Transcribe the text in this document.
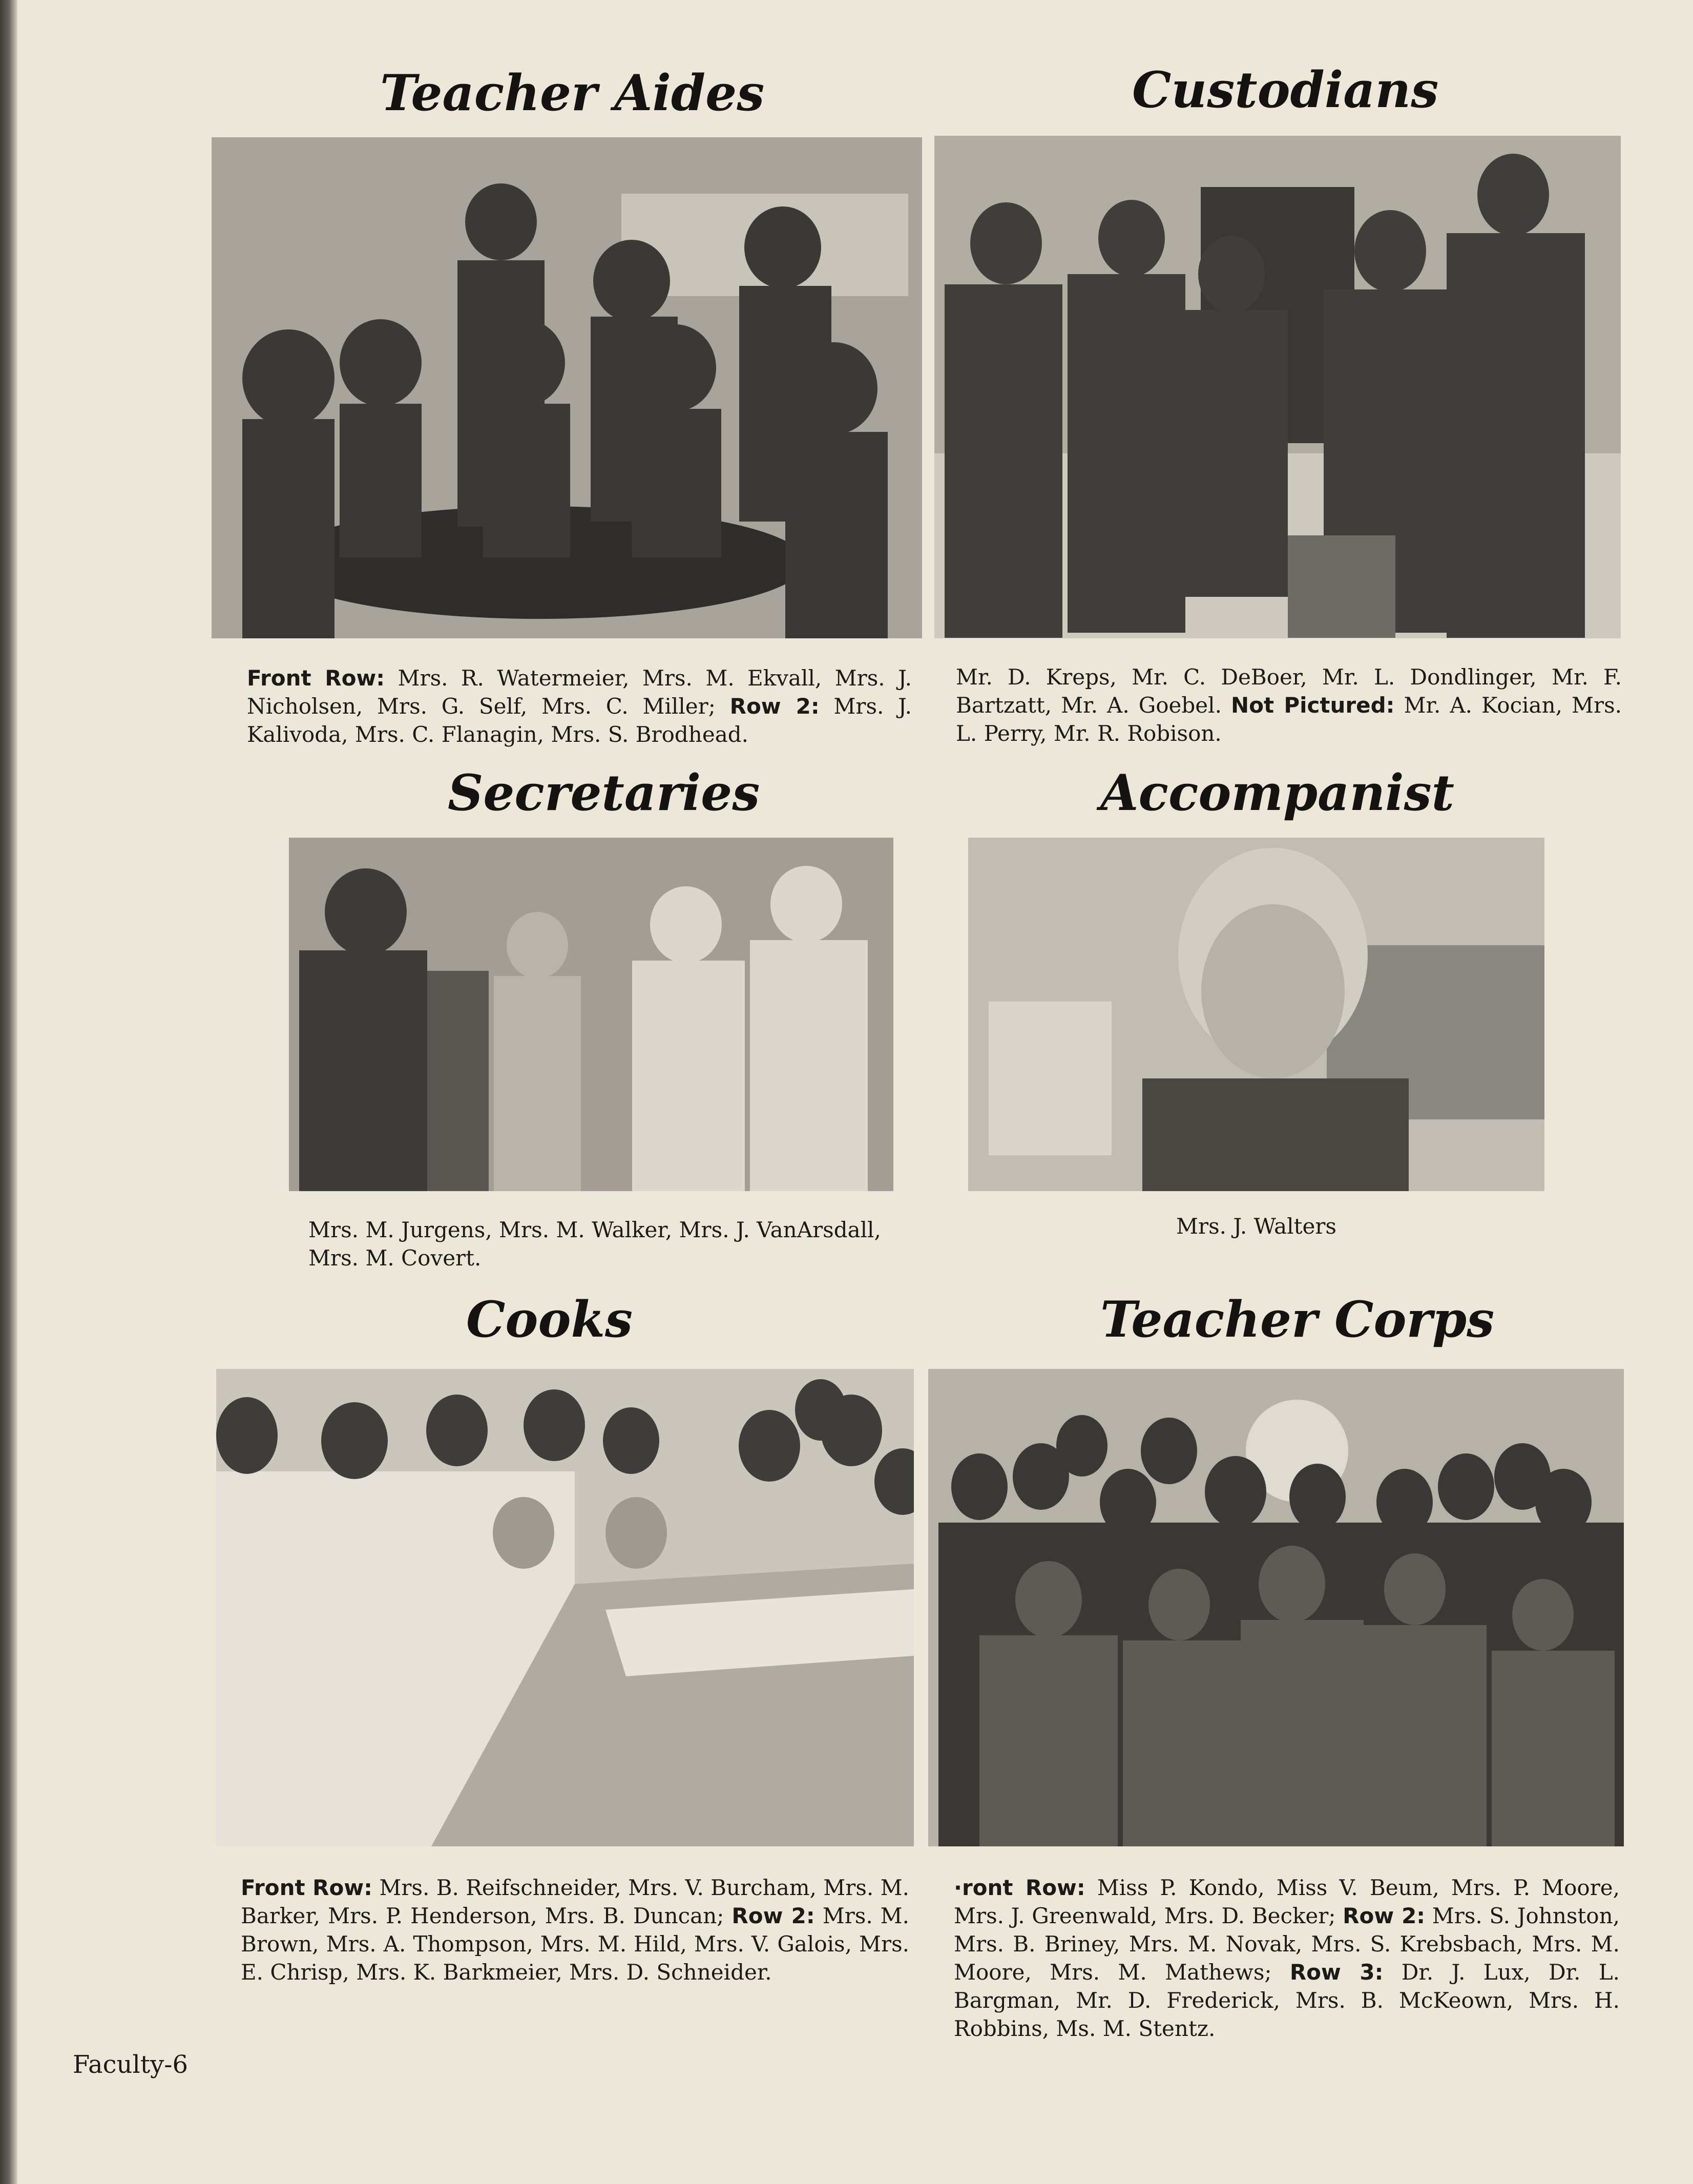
Teacher Aides

Front Row: Mrs. R. Watermeier, Mrs. M. Ekvall, Mrs. J. Nicholsen, Mrs. G. Self, Mrs. C. Miller; Row 2: Mrs. J. Kalivoda, Mrs. C. Flanagin, Mrs. S. Brodhead.

Custodians

Mr. D. Kreps, Mr. C. DeBoer, Mr. L. Dondlinger, Mr. F. Bartzatt, Mr. A. Goebel. Not Pictured: Mr. A. Kocian, Mrs. L. Perry, Mr. R. Robison.

Secretaries

Mrs. M. Jurgens, Mrs. M. Walker, Mrs. J. VanArsdall, Mrs. M. Covert.

Accompanist

Mrs. J. Walters

Cooks

Front Row: Mrs. B. Reifschneider, Mrs. V. Burcham, Mrs. M. Barker, Mrs. P. Henderson, Mrs. B. Duncan; Row 2: Mrs. M. Brown, Mrs. A. Thompson, Mrs. M. Hild, Mrs. V. Galois, Mrs. E. Chrisp, Mrs. K. Barkmeier, Mrs. D. Schneider.

Teacher Corps

·ront Row: Miss P. Kondo, Miss V. Beum, Mrs. P. Moore, Mrs. J. Greenwald, Mrs. D. Becker; Row 2: Mrs. S. Johnston, Mrs. B. Briney, Mrs. M. Novak, Mrs. S. Krebsbach, Mrs. M. Moore, Mrs. M. Mathews; Row 3: Dr. J. Lux, Dr. L. Bargman, Mr. D. Frederick, Mrs. B. McKeown, Mrs. H. Robbins, Ms. M. Stentz.

Faculty-6
